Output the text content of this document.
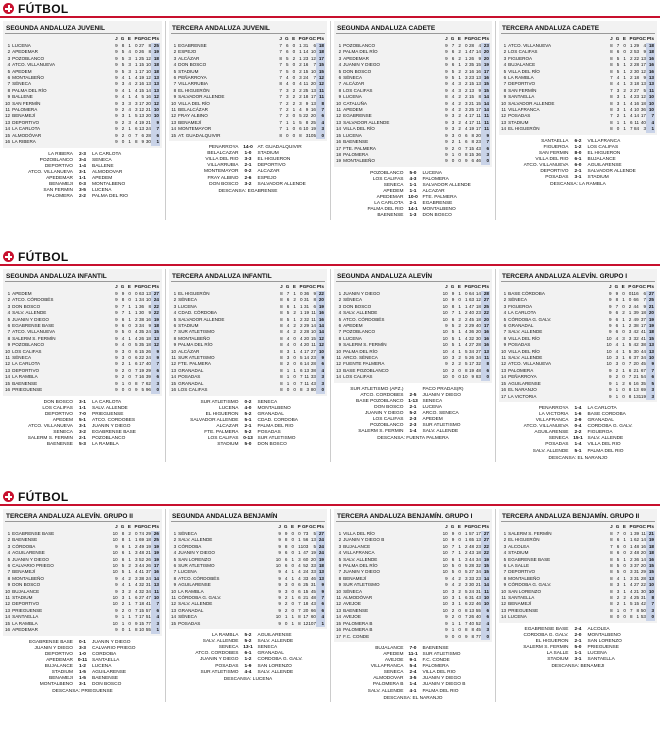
FÚTBOL
SEGUNDA ANDALUZA JUVENIL
		J	G	E	P	GF	GC	Pts
1	LUCENA	9	8	1	0	27	8	25
2	APEDEMAR	9	5	4	0	26	8	19
3	POZOBLANCO	9	5	3	1	25	12	18
4	ATCO. VILLANUEVA	9	5	3	1	15	10	18
5	APEDEM	9	5	3	1	17	10	18
6	MONTALBEÑO	9	4	1	4	19	12	13
7	SÉNECA	9	3	4	2	16	13	13
8	PALMA DEL RÍO	9	4	1	4	15	14	13
9	BALLENE	9	4	1	4	5	16	12
10	SAN FERMÍN	9	3	3	3	17	20	12
11	PALOMERA	9	2	4	3	12	21	10
12	BENAMEJÍ	9	3	1	5	13	20	10
13	DEPORTIVO	9	2	3	4	19	21	9
14	LA CARLOTA	9	2	1	6	13	24	7
15	ALMODÓVAR	9	2	0	7	6	28	6
16	LA RIBERA	9	0	1	8	9	30	1
LA RIBERA	2-3	LA CARLOTA
POZOBLANCO	3-4	SÉNECA
DEPORTIVO	1-4	BALLENE
ATCO. VILLANUEVA	3-1	ALMODÓVAR
APEDEMAR	1-1	APEDEM
BENAMEJÍ	0-3	MONTALBEÑO
SAN FERMÍN	3-5	LUCENA
PALOMERA	2-2	PALMA DEL RÍO
TERCERA ANDALUZA JUVENIL
		J	G	E	P	GF	GC	Pts
1	EGABRENSE	7	6	0	1	31	6	18
2	ESPEJO	7	6	0	1	14	10	18
3	ALCÁZAR	8	5	2	1	23	12	17
4	DON BOSCO	7	5	0	2	16	7	15
5	STADIUM	7	5	0	2	15	10	15
6	PEÑARROYA	7	4	0	3	24	7	12
7	VILLARRUBIA	8	4	0	4	11	20	12
8	EL HIGUERÓN	7	3	2	2	25	13	11
9	SALVADOR ALLENDE	7	3	2	2	18	17	11
10	VILLA DEL RÍO	7	2	2	3	9	13	8
11	BELALCÁZAR	7	2	1	4	9	16	7
12	FRAY ALBINO	7	2	0	5	22	20	6
13	BENAMEJÍ	7	1	1	5	8	25	4
14	MONTEMAYOR	7	1	0	6	10	19	3
15	AT. GUADALQUIVIR	8	0	0	8	3	105	0
PEÑARROYA 14-0 AT. GUADALQUIVIR
BELALCÁZAR	1-0	STADIUM
VILLA DEL RÍO	3-3	EL HIGUERÓN
VILLARRUBIA	2-1	DEPORTIVO
MONTEMAYOR	0-2	ALCÁZAR
FRAY ALBINO	2-6	ESPEJO
DON BOSCO	3-2	SALVADOR ALLENDE
DESCANSA: EGABRENSE
SEGUNDA ANDALUZA CADETE
		J	G	E	P	GF	GC	Pts
1	POZOBLANCO	9	7	2	0	28	4	23
2	PALMA DEL RÍO	9	6	2	1	47	14	20
3	APEDEMAR	9	6	2	1	26	9	20
4	JUANIN Y DIEGO	9	6	1	2	35	15	19
5	DON BOSCO	9	5	2	2	16	16	17
6	SÉNECA	9	5	1	3	23	13	16
7	ALCÁZAR	9	4	3	2	15	13	15
8	LOS CALIFAS	9	4	3	2	13	9	15
9	LUCENA	8	4	2	2	15	8	14
10	CATALUÑA	9	4	2	3	21	15	14
11	APEDEM	9	4	2	3	25	17	14
12	EGABRENSE	9	3	2	4	17	11	11
13	SALVADOR ALLENDE	9	3	2	4	17	11	11
14	VILLA DEL RÍO	9	3	2	4	19	17	11
15	LUCENA	9	3	0	6	8	20	9
16	BAENENSE	9	2	1	6	8	23	7
17	FTE. PALMERA	9	2	0	7	15	43	6
18	PALOMERA	9	1	0	8	15	36	3
19	MONTALBEÑO	9	0	0	9	6	46	0
POZOBLANCO	5-0	LUCENA
LOS CALIFAS	4-3	PALOMERA
SÉNECA	1-1	SALVADOR ALLENDE
APEDEM	1-1	ALCÁZAR
APEDEMAR 10-0 FTE. PALMERA
LA CARLOTA	2-1	EGABRENSE
PALMA DEL RÍO 14-1 MONTALBEÑO
BAENENSE	1-3	DON BOSCO
TERCERA ANDALUZA CADETE
		J	G	E	P	GF	GC	Pts
1	ATCO. VILLANUEVA	8	7	0	1	29	4	18
2	LOS CALIFAS	8	6	0	2	53	9	18
3	FIGUEROA	8	5	1	2	22	13	16
4	BUJALANCE	8	5	1	2	28	17	16
5	VILLA DEL RÍO	8	5	1	2	30	12	16
6	LA RAMBLA	7	4	1	2	18	9	13
7	DEPORTIVO	8	4	1	3	18	13	13
8	SAN FERMÍN	7	3	2	2	27	5	11
9	SANTAELLA	8	3	1	4	23	12	10
10	SALVADOR ALLENDE	8	3	1	4	16	18	10
11	VILLAFRANCA	8	3	1	4	10	36	10
12	POSADAS	7	2	1	4	14	17	7
13	STADIUM	8	1	1	6	11	40	4
14	EL HIGUERÓN	8	0	1	7	84	3	1
SANTAELLA	6-2	VILLAFRANCA
FIGUEROA	1-2	LOS CALIFAS
SAN FERMÍN	8-0	EL HIGUERÓN
VILLA DEL RÍO	6-1	BUJALANCE
ATCO. VILLANUEVA	6-0	AGUILARENSE
DEPORTIVO	2-1	SALVADOR ALLENDE
POSADAS	3-1	STADIUM
DESCANSA: LA RAMBLA
FÚTBOL
SEGUNDA ANDALUZA INFANTIL
		J	G	E	P	GF	GC	Pts
1	APEDEM	9	9	0	0	63	13	27
2	ATCO. CÓRDOBÉS	9	8	0	1	34	10	24
3	DON BOSCO	9	7	1	1	36	8	22
4	SALV. ALLENDE	9	7	1	1	30	9	22
5	JUANIN Y DIEGO	9	6	1	2	38	16	19
6	EGABRENSE BASE	9	6	0	3	34	9	18
7	ATCO. VILLANUEVA	9	5	0	4	35	24	15
8	SALERM S. FERMÍN	9	4	1	4	26	18	13
9	POZOBLANCO	9	4	0	5	35	18	12
10	LOS CALIFAS	9	3	0	6	15	26	9
11	SÉNECA	9	3	0	6	22	24	9
12	LA CARLOTA	9	2	1	6	17	40	7
13	DEPORTIVO	9	2	0	7	19	29	6
14	LA RAMBLA	9	2	0	7	16	39	6
15	BAENENSE	9	1	0	8	7	62	3
16	PRIEGUENSE	9	0	0	9	5	96	0
DON BOSCO	3-1	LA CARLOTA
LOS CALIFAS	1-1	SALV. ALLENDE
DEPORTIVO	7-0	PRIEGUENSE
APEDEM	5-1	ATCO. CÓRDOBÉS
ATCO. VILLANUEVA	3-1	JUANIN Y DIEGO
SÉNECA	3-2	EGABRENSE BASE
SALERM S. FERMÍN	2-1	POZOBLANCO
BAENENSE	5-3	LA RAMBLA
TERCERA ANDALUZA INFANTIL
		J	G	E	P	GF	GC	Pts
1	EL HIGUERÓN	8	7	1	0	36	9	22
2	SÉNECA	8	6	2	0	31	8	20
3	LUCENA	8	6	1	1	31	6	19
4	CDAD. CÓRDOBA	8	5	2	1	19	11	16
5	SALVADOR ALLENDE	8	5	1	2	32	11	16
6	STADIUM	8	4	2	2	29	14	14
7	SUR ATLETISMO	8	4	2	2	28	10	14
8	MONTALBEÑO	8	4	0	4	20	15	12
9	PALMA DEL RÍO	8	4	0	4	20	11	12
10	ALCÁZAR	8	3	1	4	17	27	10
11	SUR ATLETISMO	8	3	0	5	14	23	9
12	FTE. PALMERA	8	2	0	6	14	28	6
13	GRANADAL	8	1	1	6	13	38	4
14	POSADAS	8	1	0	7	11	33	3
15	GRANADAL	8	1	0	7	11	43	3
16	LOS CALIFAS	8	0	0	8	3	80	0
SUR ATLETISMO	0-2	SÉNECA
LUCENA	4-0	MONTALBEÑO
EL HIGUERÓN	5-2	GRANADAL
SALVADOR ALLENDE	5-1	CDAD. CÓRDOBA
ALCÁZAR	2-1	PALMA DEL RÍO
FTE. PALMERA	5-2	POSADAS
LOS CALIFAS 0-13 SUR ATLETISMO
STADIUM	5-0	DON BOSCO
SEGUNDA ANDALUZA ALEVÍN
		J	G	E	P	GF	GC	Pts
1	JUANIN Y DIEGO	10	9	1	0	64	14	28
2	SÉNECA	10	9	0	1	63	12	27
3	DON BOSCO	10	8	1	1	47	18	25
4	SALV. ALLENDE	10	7	1	2	40	23	22
5	ATCO. CÓRDOBÉS	10	6	2	2	45	18	20
6	APEDEM	9	5	2	2	29	40	17
7	POZOBLANCO	10	5	1	4	36	20	16
8	LUCENA	10	5	1	4	32	30	16
9	SALERM S. FERMÍN	10	5	1	4	27	28	16
10	PALMA DEL RÍO	10	4	1	5	34	27	13
11	ARCO. SÉNECA	10	3	2	5	26	34	11
12	FUENTE PALMERA	9	2	2	5	17	32	8
13	BASE POZOBLANCO	10	2	0	8	19	48	6
14	LOS CALIFAS	10	0	0	10	9	83	0
SUR ATLETISMO (APZ.)	PACO PRADAS(R)
ATCO. CÓRDOBÉS	2-5	JUANIN Y DIEGO
BASE POZOBLANCO 1-13 SÉNECA
DON BOSCO	2-1	LUCENA
JUANIN Y DIEGO	5-2	ARCO. SÉNECA
LOS CALIFAS	2-3	APEDEM
POZOBLANCO	2-3	SUR ATLETISMO
SALERM S. FERMÍN	1-4	SALV. ALLENDE
DESCANSA: FUENTA PALMERA
TERCERA ANDALUZA ALEVÍN. GRUPO I
		J	G	E	P	GF	GC	Pts
1	BASE CÓRDOBA	9	9	0	0	116	6	27
2	SÉNECA	9	8	1	0	66	7	25
3	FIGUEROA	9	7	0	2	44	9	21
4	LA CARLOTA	9	6	2	1	39	18	20
5	CÓRDOBA G. GALV.	9	6	1	2	49	37	19
6	GRANADAL	9	6	1	2	38	17	19
7	SALV. ALLENDE	9	6	0	3	42	41	18
8	VILLA DEL RÍO	10	4	3	3	32	41	15
9	POSADAS	10	4	1	5	42	38	13
10	VILLA DEL RÍO	10	4	1	5	30	44	13
11	SALV. ALLENDE	10	3	1	6	37	34	10
12	ATCO. VILLANUEVA	10	3	0	7	20	45	9
13	PALOMERA	9	2	1	6	21	67	7
14	PEÑARROYA	9	2	0	7	21	54	6
15	AGUILARENSE	9	1	2	6	16	35	5
16	EL NARANJO	9	1	0	8	13	69	3
17	LA VICTORIA	9	1	0	8	13	119	3
PEÑARROYA	1-4	LA CARLOTA
LA VICTORIA	1-6	BASE CÓRDOBA
VILLAFRANCA	2-9	GRANADAL
ATCO. VILLANUEVA	0-4	CÓRDOBA G. GALV.
AGUILARENSE	2-2	FIGUEROA
SÉNECA 15-1 SALV. ALLENDE
POSADAS	1-4	VILLA DEL RÍO
SALV. ALLENDE	5-1	PALMA DEL RÍO
DESCANSA: EL NARANJO
FÚTBOL
TERCERA ANDALUZA ALEVÍN. GRUPO II
		J	G	E	P	GF	GC	Pts
1	EGABRENSE BASE	10	8	2	0	74	29	26
2	BAENENSE	10	8	1	1	69	18	25
3	CÓRDOBA	9	6	1	2	49	19	19
4	AGUILARENSE	10	6	1	3	48	21	19
5	JUANIN Y DIEGO	10	6	1	3	52	26	19
6	CALVARIO PRIEGO	10	5	2	3	44	26	17
7	BENAMEJÍ	10	5	1	4	41	37	16
8	MONTALBEÑO	9	4	2	3	38	24	14
9	DON BOSCO	9	4	1	4	32	31	13
10	BUJALANCE	9	3	2	4	32	34	11
11	STADIUM	10	3	1	6	27	47	10
12	DEPORTIVO	10	2	1	7	18	41	7
13	PRIEGUENSE	9	2	0	7	15	57	6
14	SANTAELLA	9	1	1	7	17	51	4
15	LA RAMBLA	10	1	0	9	15	77	3
16	APEDEMAR	9	0	1	8	10	55	1
EGABRENSE BASE	0-1	JUANIN Y DIEGO
JUANIN Y DIEGO	3-3	CALVARIO PRIEGO
DEPORTIVO	1-0	CÓRDOBA
APEDEMAR	0-11	SANTAELLA
BUJALANCE	1-2	LUCENA
STADIUM	1-5	AGUILARENSE
BENAMEJÍ	1-5	BAENENSE
MONTALBEÑO	3-1	DON BOSCO
DESCANSA: PRIEGUENSE
SEGUNDA ANDALUZA BENJAMÍN
		J	G	E	P	GF	GC	Pts
1	SÉNECA	9	9	0	0	73	5	27
2	SALV. ALLENDE	9	8	0	1	56	13	24
3	CÓRDOBA	9	8	0	1	103	5	24
4	JUANIN Y DIEGO	9	6	0	1	47	19	24
5	SAN LORENZO	10	6	1	3	60	20	19
6	SUR ATLETISMO	10	6	0	4	52	33	18
7	LUCENA	9	4	1	4	24	33	13
8	ATCO. CÓRDOBÉS	9	4	1	4	33	46	13
9	AGUILARENSE	9	3	0	6	25	31	9
10	LA RAMBLA	9	3	0	6	15	45	9
11	CÓRDOBA G. GALV.	9	2	1	6	21	48	7
12	SALV. ALLENDE	9	2	0	7	18	43	6
13	GRANADAL	9	2	0	7	20	66	6
14	SÉNECA	10	1	1	8	17	60	4
15	POSADAS	9	0	1	8	12	107	1
LA RAMBLA	5-2	AGUILARENSE
SALV. ALLENDE	5-2	SALV. ALLENDE
SÉNECA 13-1 SÉNECA
ATCO. CÓRDOBÉS	6-1	GRANADAL
JUANIN Y DIEGO	1-2	CÓRDOBA G. GALV.
POSADAS	1-9	SAN LORENZO
SUR ATLETISMO	4-4	SALV. ALLENDE
DESCANSA: LUCENA
TERCERA ANDALUZA BENJAMÍN. GRUPO I
		J	G	E	P	GF	GC	Pts
1	VILLA DEL RÍO	10	9	0	1	57	17	27
2	JUANIN Y DIEGO B	10	9	0	1	65	13	27
3	BUJALANCE	10	7	1	2	48	23	22
4	VILLAFRANCA	10	7	1	2	43	18	22
5	SALV. ALLENDE	10	6	1	3	44	34	19
6	PALMA DEL RÍO	10	5	0	5	28	32	15
7	JUANIN Y DIEGO	10	5	0	5	27	34	15
8	BENAMEJÍ	9	4	2	3	33	23	14
9	SUR ATLETISMO	9	4	2	3	30	21	14
10	SÉNECA	10	3	2	5	24	31	11
11	ALMODÓVAR	10	3	1	6	31	43	10
12	AVEJOE	10	3	1	6	22	46	10
13	BAENENSE	10	2	0	8	13	55	6
14	AVEJOE	9	2	0	7	26	40	6
15	PALOMERA B	9	1	1	7	40	52	4
16	PALOMERA B	9	1	0	8	8	45	3
17	F.C. CONDE	9	0	0	9	8	77	0
BUJALANCE	7-0	BAENENSE
APEDEM	11-1	SUR ATLETISMO
AVEJOE	9-1	F.C. CONDE
VILLAFRANCA	5-4	PALOMERA
SÉNECA	2-4	VILLA DEL RÍO
ALMODÓVAR	3-5	JUANIN Y DIEGO
PALOMERA B	1-4	JUANIN Y DIEGO B
SALV. ALLENDE	4-1	PALMA DEL RÍO
DESCANSA: EL NARANJO
TERCERA ANDALUZA BENJAMÍN. GRUPO II
		J	G	E	P	GF	GC	Pts
1	SALERM S. FERMÍN	8	7	0	1	39	11	21
2	EL HIGUERÓN	8	6	1	1	62	14	19
3	ALCOLEA	7	6	0	1	48	16	18
4	STADIUM	8	6	0	2	48	20	18
5	EGABRENSE BASE	8	5	1	2	36	14	16
6	LA SALLE	8	5	0	3	37	20	15
7	DEPORTIVO	8	5	0	3	31	29	15
8	MONTALBEÑO	8	4	1	3	31	28	13
9	CÓRDOBA G. GALV.	8	3	1	4	27	22	10
10	SAN LORENZO	8	3	1	4	21	30	10
11	SANTAELLA	8	2	2	4	25	31	8
12	BENAMEJÍ	8	2	1	5	15	42	7
13	PRIEGUENSE	8	1	0	7	8	50	3
14	LUCENA	8	0	0	8	1	53	0
EGABRENSE BASE	2-4	ALCOLEA
CÓRDOBA G. GALV.	2-0	MONTALBEÑO
EL HIGUERÓN	2-1	SAN LORENZO
SALERM S. FERMÍN	5-0	PRIEGUENSE
LA SALLE	1-1	LUCENA
STADIUM	3-1	SANTAELLA
DESCANSA: BENAMEJÍ
